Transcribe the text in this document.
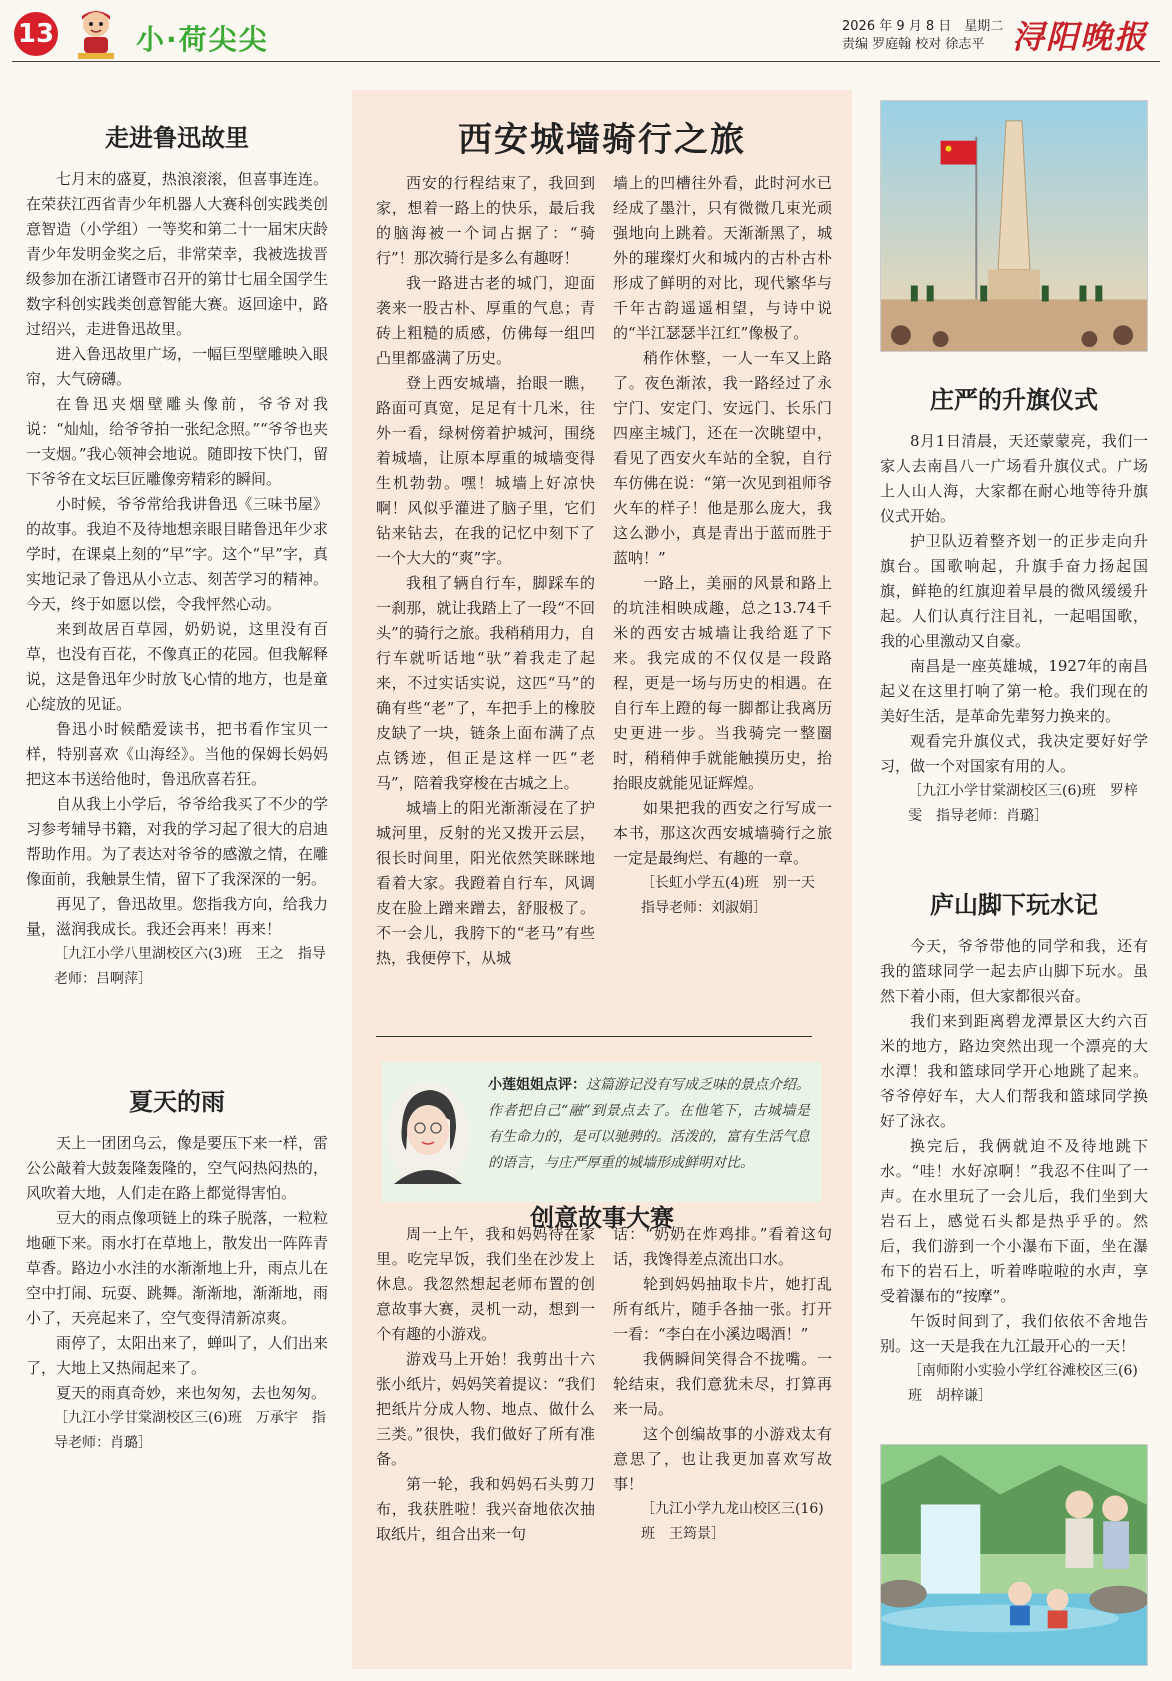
13	小·荷尖尖	2026 年 9 月 8 日　星期二
责编 罗庭翰 校对 徐志平 浔阳晚报
走进鲁迅故里

七月末的盛夏，热浪滚滚，但喜事连连。在荣获江西省青少年机器人大赛科创实践类创意智造（小学组）一等奖和第二十一届宋庆龄青少年发明金奖之后，非常荣幸，我被选拔晋级参加在浙江诸暨市召开的第廿七届全国学生数字科创实践类创意智能大赛。返回途中，路过绍兴，走进鲁迅故里。

进入鲁迅故里广场，一幅巨型壁雕映入眼帘，大气磅礴。

在鲁迅夹烟壁雕头像前，爷爷对我说：“灿灿，给爷爷拍一张纪念照。”“爷爷也夹一支烟。”我心领神会地说。随即按下快门，留下爷爷在文坛巨匠雕像旁精彩的瞬间。

小时候，爷爷常给我讲鲁迅《三味书屋》的故事。我迫不及待地想亲眼目睹鲁迅年少求学时，在课桌上刻的“早”字。这个“早”字，真实地记录了鲁迅从小立志、刻苦学习的精神。今天，终于如愿以偿，令我怦然心动。

来到故居百草园，奶奶说，这里没有百草，也没有百花，不像真正的花园。但我解释说，这是鲁迅年少时放飞心情的地方，也是童心绽放的见证。

鲁迅小时候酷爱读书，把书看作宝贝一样，特别喜欢《山海经》。当他的保姆长妈妈把这本书送给他时，鲁迅欣喜若狂。

自从我上小学后，爷爷给我买了不少的学习参考辅导书籍，对我的学习起了很大的启迪帮助作用。为了表达对爷爷的感激之情，在雕像面前，我触景生情，留下了我深深的一躬。

再见了，鲁迅故里。您指我方向，给我力量，滋润我成长。我还会再来！再来！

［九江小学八里湖校区六(3)班　王之　指导老师：吕啊萍］
夏天的雨

天上一团团乌云，像是要压下来一样，雷公公敲着大鼓轰隆轰隆的，空气闷热闷热的，风吹着大地，人们走在路上都觉得害怕。

豆大的雨点像项链上的珠子脱落，一粒粒地砸下来。雨水打在草地上，散发出一阵阵青草香。路边小水洼的水渐渐地上升，雨点儿在空中打闹、玩耍、跳舞。渐渐地，渐渐地，雨小了，天亮起来了，空气变得清新凉爽。

雨停了，太阳出来了，蝉叫了，人们出来了，大地上又热闹起来了。

夏天的雨真奇妙，来也匆匆，去也匆匆。

［九江小学甘棠湖校区三(6)班　万承宇　指导老师：肖璐］
西安城墙骑行之旅

西安的行程结束了，我回到家，想着一路上的快乐，最后我的脑海被一个词占据了：“骑行”！那次骑行是多么有趣呀！

我一路进古老的城门，迎面袭来一股古朴、厚重的气息；青砖上粗糙的质感，仿佛每一组凹凸里都盛满了历史。

登上西安城墙，抬眼一瞧，路面可真宽，足足有十几米，往外一看，绿树傍着护城河，围绕着城墙，让原本厚重的城墙变得生机勃勃。嘿！城墙上好凉快啊！风似乎灌进了脑子里，它们钻来钻去，在我的记忆中刻下了一个大大的“爽”字。

我租了辆自行车，脚踩车的一刹那，就让我踏上了一段“不回头”的骑行之旅。我稍稍用力，自行车就听话地“驮”着我走了起来，不过实话实说，这匹“马”的确有些“老”了，车把手上的橡胶皮缺了一块，链条上面布满了点点锈迹，但正是这样一匹“老马”，陪着我穿梭在古城之上。

城墙上的阳光渐渐浸在了护城河里，反射的光又拨开云层，很长时间里，阳光依然笑眯眯地看着大家。我蹬着自行车，风调皮在脸上蹭来蹭去，舒服极了。不一会儿，我胯下的“老马”有些热，我便停下，从城

墙上的凹槽往外看，此时河水已经成了墨汁，只有微微几束光顽强地向上跳着。天渐渐黑了，城外的璀璨灯火和城内的古朴古朴形成了鲜明的对比，现代繁华与千年古韵遥遥相望，与诗中说的“半江瑟瑟半江红”像极了。

稍作休整，一人一车又上路了。夜色渐浓，我一路经过了永宁门、安定门、安远门、长乐门四座主城门，还在一次眺望中，看见了西安火车站的全貌，自行车仿佛在说：“第一次见到祖师爷火车的样子！他是那么庞大，我这么渺小，真是青出于蓝而胜于蓝呐！”

一路上，美丽的风景和路上的坑洼相映成趣，总之13.74千米的西安古城墙让我给逛了下来。我完成的不仅仅是一段路程，更是一场与历史的相遇。在自行车上蹬的每一脚都让我离历史更进一步。当我骑完一整圈时，稍稍伸手就能触摸历史，抬抬眼皮就能见证辉煌。

如果把我的西安之行写成一本书，那这次西安城墙骑行之旅一定是最绚烂、有趣的一章。

［长虹小学五(4)班　别一天　指导老师：刘淑娟］
小莲姐姐点评：这篇游记没有写成乏味的景点介绍。作者把自己“融”到景点去了。在他笔下，古城墙是有生命力的，是可以驰骋的。活泼的，富有生活气息的语言，与庄严厚重的城墙形成鲜明对比。
创意故事大赛

周一上午，我和妈妈待在家里。吃完早饭，我们坐在沙发上休息。我忽然想起老师布置的创意故事大赛，灵机一动，想到一个有趣的小游戏。

游戏马上开始！我剪出十六张小纸片，妈妈笑着提议：“我们把纸片分成人物、地点、做什么三类。”很快，我们做好了所有准备。

第一轮，我和妈妈石头剪刀布，我获胜啦！我兴奋地依次抽取纸片，组合出来一句

话：“奶奶在炸鸡排。”看着这句话，我馋得差点流出口水。

轮到妈妈抽取卡片，她打乱所有纸片，随手各抽一张。打开一看：“李白在小溪边喝酒！”

我俩瞬间笑得合不拢嘴。一轮结束，我们意犹未尽，打算再来一局。

这个创编故事的小游戏太有意思了，也让我更加喜欢写故事！

［九江小学九龙山校区三(16)班　王筠景］
庄严的升旗仪式

8月1日清晨，天还蒙蒙亮，我们一家人去南昌八一广场看升旗仪式。广场上人山人海，大家都在耐心地等待升旗仪式开始。

护卫队迈着整齐划一的正步走向升旗台。国歌响起，升旗手奋力扬起国旗，鲜艳的红旗迎着早晨的微风缓缓升起。人们认真行注目礼，一起唱国歌，我的心里激动又自豪。

南昌是一座英雄城，1927年的南昌起义在这里打响了第一枪。我们现在的美好生活，是革命先辈努力换来的。

观看完升旗仪式，我决定要好好学习，做一个对国家有用的人。

［九江小学甘棠湖校区三(6)班　罗梓雯　指导老师：肖璐］
庐山脚下玩水记

今天，爷爷带他的同学和我，还有我的篮球同学一起去庐山脚下玩水。虽然下着小雨，但大家都很兴奋。

我们来到距离碧龙潭景区大约六百米的地方，路边突然出现一个漂亮的大水潭！我和篮球同学开心地跳了起来。爷爷停好车，大人们帮我和篮球同学换好了泳衣。

换完后，我俩就迫不及待地跳下水。“哇！水好凉啊！”我忍不住叫了一声。在水里玩了一会儿后，我们坐到大岩石上，感觉石头都是热乎乎的。然后，我们游到一个小瀑布下面，坐在瀑布下的岩石上，听着哗啦啦的水声，享受着瀑布的“按摩”。

午饭时间到了，我们依依不舍地告别。这一天是我在九江最开心的一天！

［南师附小实验小学红谷滩校区三(6)班　胡梓谦］
